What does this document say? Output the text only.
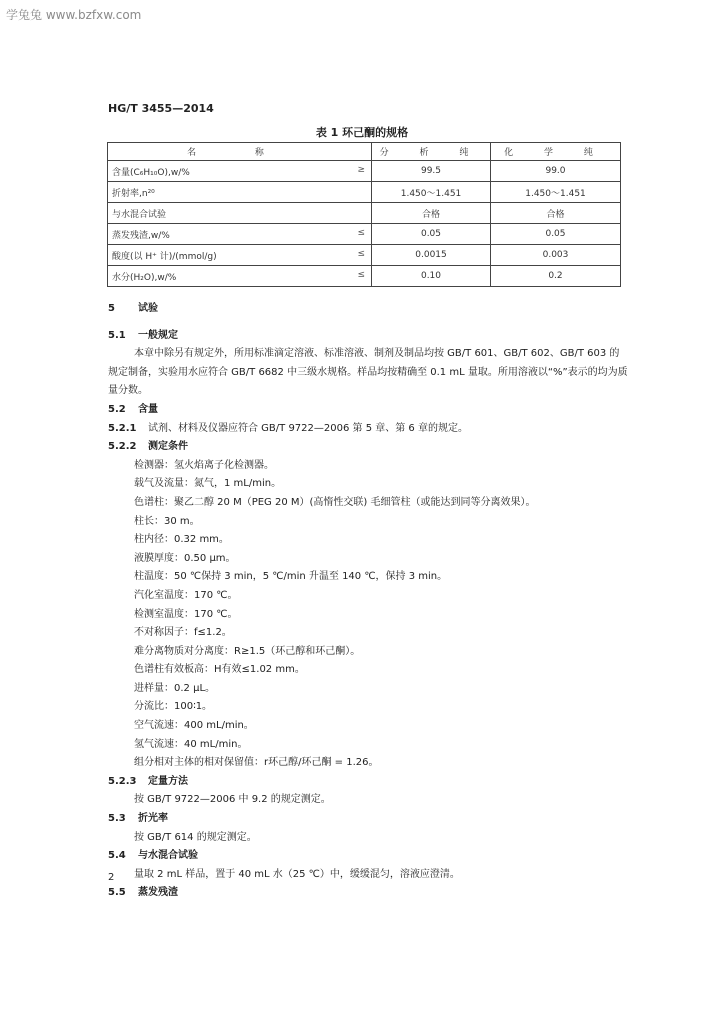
学兔兔 www.bzfxw.com
HG/T 3455—2014
表 1 环己酮的规格
名 称	分 析 纯	化 学 纯
含量(C₆H₁₀O),w/% ≥	99.5	99.0
折射率,n²⁰	1.450～1.451	1.450～1.451
与水混合试验	合格	合格
蒸发残渣,w/% ≤	0.05	0.05
酸度(以 H⁺ 计)/(mmol/g) ≤	0.0015	0.003
水分(H₂O),w/% ≤	0.10	0.2
5	试验
5.1	一般规定
本章中除另有规定外，所用标准滴定溶液、标准溶液、制剂及制品均按 GB/T 601、GB/T 602、GB/T 603 的规定制备，实验用水应符合 GB/T 6682 中三级水规格。样品均按精确至 0.1 mL 量取。所用溶液以“%”表示的均为质量分数。
5.2	含量
5.2.1	试剂、材料及仪器应符合 GB/T 9722—2006 第 5 章、第 6 章的规定。
5.2.2	测定条件
检测器：氢火焰离子化检测器。
载气及流量：氮气，1 mL/min。
色谱柱：聚乙二醇 20 M（PEG 20 M）(高惰性交联) 毛细管柱（或能达到同等分离效果）。
柱长：30 m。
柱内径：0.32 mm。
液膜厚度：0.50 μm。
柱温度：50 ℃保持 3 min，5 ℃/min 升温至 140 ℃，保持 3 min。
汽化室温度：170 ℃。
检测室温度：170 ℃。
不对称因子：f≤1.2。
难分离物质对分离度：R≥1.5（环己醇和环己酮）。
色谱柱有效板高：H有效≤1.02 mm。
进样量：0.2 μL。
分流比：100∶1。
空气流速：400 mL/min。
氢气流速：40 mL/min。
组分相对主体的相对保留值：r环己醇/环己酮 = 1.26。
5.2.3	定量方法
按 GB/T 9722—2006 中 9.2 的规定测定。
5.3	折光率
按 GB/T 614 的规定测定。
5.4	与水混合试验
量取 2 mL 样品，置于 40 mL 水（25 ℃）中，缓缓混匀，溶液应澄清。
5.5	蒸发残渣
2
